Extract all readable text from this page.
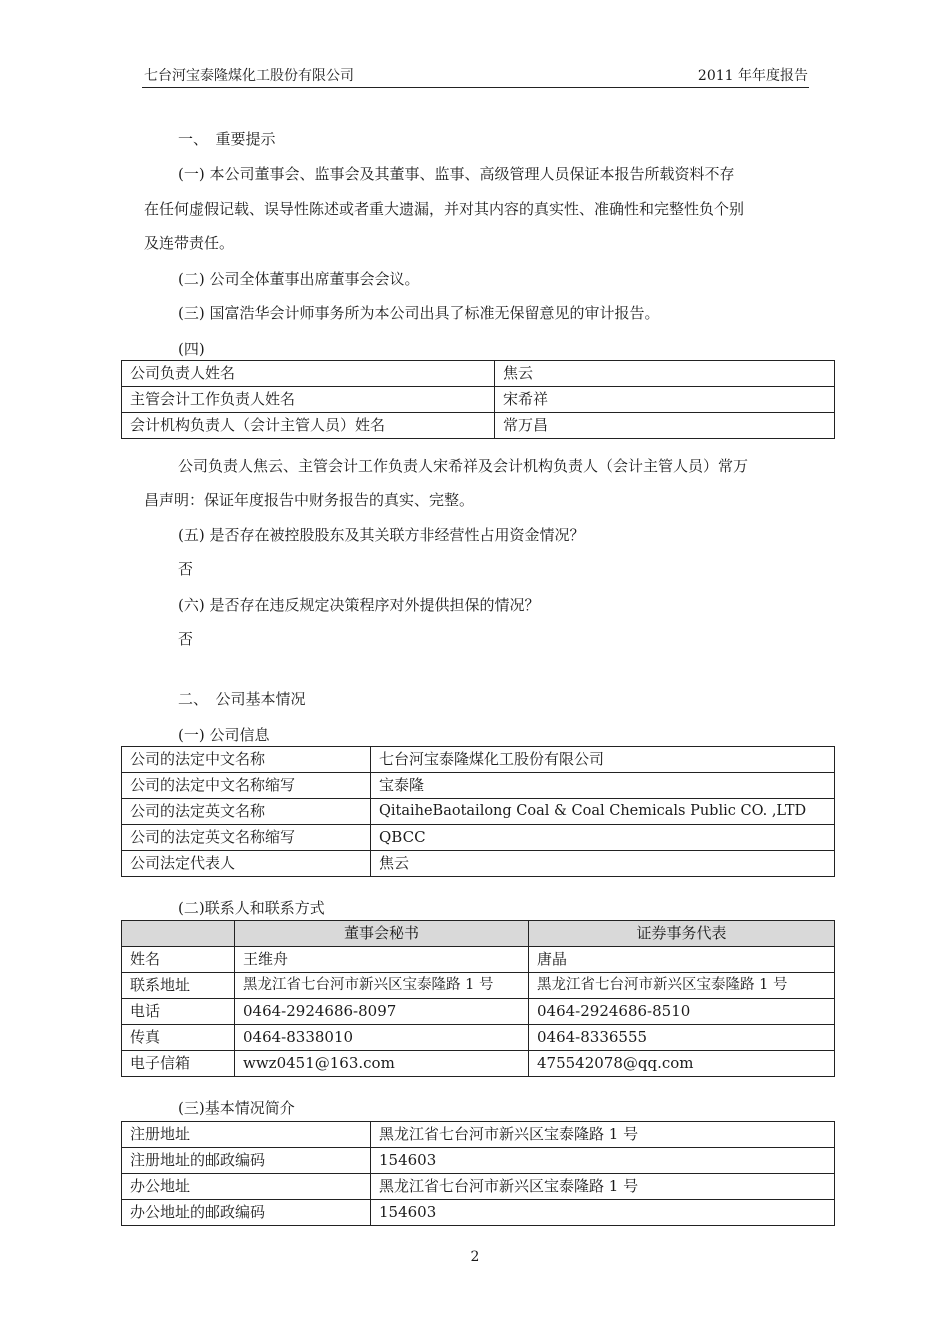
七台河宝泰隆煤化工股份有限公司	2011 年年度报告
一、　重要提示
(一) 本公司董事会、监事会及其董事、监事、高级管理人员保证本报告所载资料不存
在任何虚假记载、误导性陈述或者重大遗漏，并对其内容的真实性、准确性和完整性负个别
及连带责任。
(二) 公司全体董事出席董事会会议。
(三) 国富浩华会计师事务所为本公司出具了标准无保留意见的审计报告。
(四)
公司负责人姓名	焦云
主管会计工作负责人姓名	宋希祥
会计机构负责人（会计主管人员）姓名	常万昌
公司负责人焦云、主管会计工作负责人宋希祥及会计机构负责人（会计主管人员）常万
昌声明：保证年度报告中财务报告的真实、完整。
(五) 是否存在被控股股东及其关联方非经营性占用资金情况？
否
(六) 是否存在违反规定决策程序对外提供担保的情况？
否
二、　公司基本情况
(一) 公司信息
公司的法定中文名称	七台河宝泰隆煤化工股份有限公司
公司的法定中文名称缩写	宝泰隆
公司的法定英文名称	QitaiheBaotailong Coal & Coal Chemicals Public CO. ,LTD
公司的法定英文名称缩写	QBCC
公司法定代表人	焦云
(二)联系人和联系方式
	董事会秘书	证券事务代表
姓名	王维舟	唐晶
联系地址	黑龙江省七台河市新兴区宝泰隆路 1 号	黑龙江省七台河市新兴区宝泰隆路 1 号
电话	0464-2924686-8097	0464-2924686-8510
传真	0464-8338010	0464-8336555
电子信箱	wwz0451@163.com	475542078@qq.com
(三)基本情况简介
注册地址	黑龙江省七台河市新兴区宝泰隆路 1 号
注册地址的邮政编码	154603
办公地址	黑龙江省七台河市新兴区宝泰隆路 1 号
办公地址的邮政编码	154603
2
